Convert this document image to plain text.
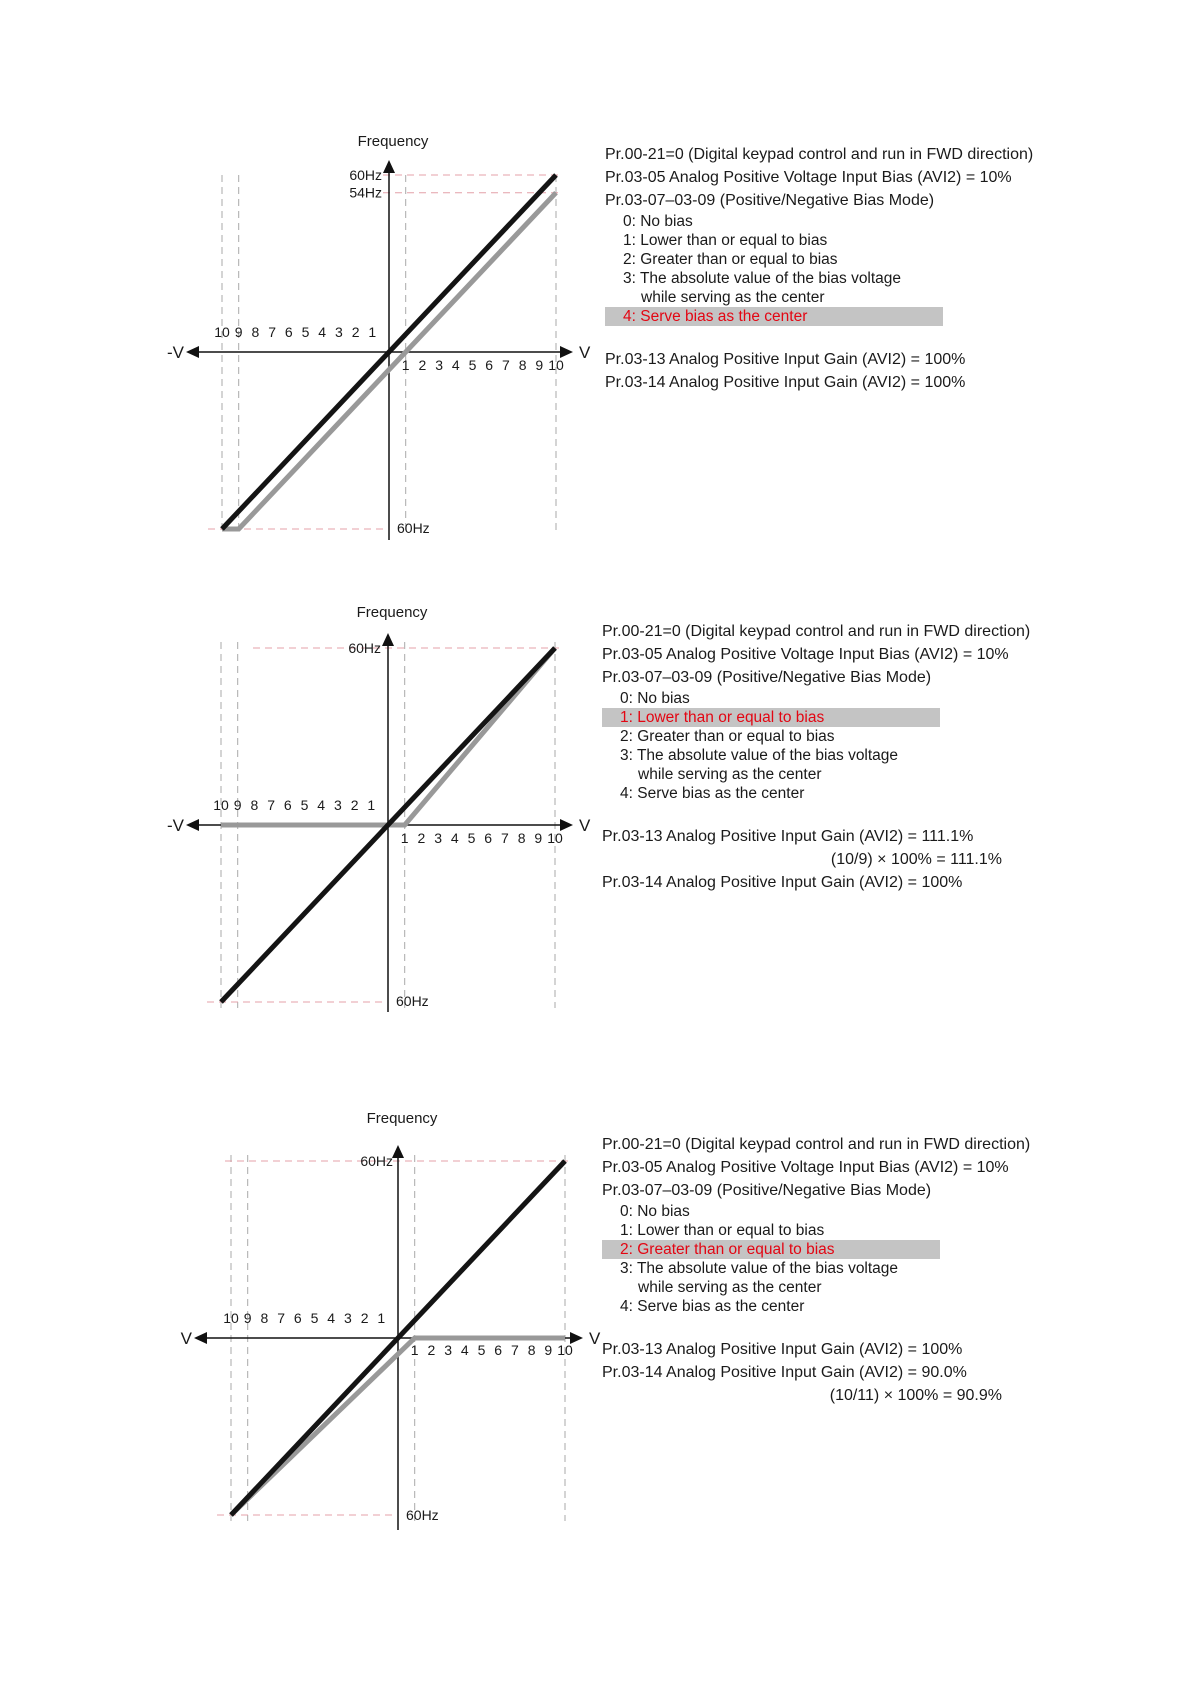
Frequency
V
-V
1 2 3 4 5 6 7 8 9 10
10 9 8 7 6 5 4 3 2 1
60Hz
54Hz
60Hz
Pr.00-21=0 (Digital keypad control and run in FWD direction)
Pr.03-05 Analog Positive Voltage Input Bias (AVI2) = 10%
Pr.03-07–03-09 (Positive/Negative Bias Mode)
0: No bias
1: Lower than or equal to bias
2: Greater than or equal to bias
3: The absolute value of the bias voltage
while serving as the center
4: Serve bias as the center
Pr.03-13 Analog Positive Input Gain (AVI2) = 100%
Pr.03-14 Analog Positive Input Gain (AVI2) = 100%
Frequency
V
-V
1 2 3 4 5 6 7 8 9 10
10 9 8 7 6 5 4 3 2 1
60Hz
60Hz
Pr.00-21=0 (Digital keypad control and run in FWD direction)
Pr.03-05 Analog Positive Voltage Input Bias (AVI2) = 10%
Pr.03-07–03-09 (Positive/Negative Bias Mode)
0: No bias
1: Lower than or equal to bias
2: Greater than or equal to bias
3: The absolute value of the bias voltage
while serving as the center
4: Serve bias as the center
Pr.03-13 Analog Positive Input Gain (AVI2) = 111.1%
(10/9) × 100% = 111.1%
Pr.03-14 Analog Positive Input Gain (AVI2) = 100%
Frequency
V
V
1 2 3 4 5 6 7 8 9 10
10 9 8 7 6 5 4 3 2 1
60Hz
60Hz
Pr.00-21=0 (Digital keypad control and run in FWD direction)
Pr.03-05 Analog Positive Voltage Input Bias (AVI2) = 10%
Pr.03-07–03-09 (Positive/Negative Bias Mode)
0: No bias
1: Lower than or equal to bias
2: Greater than or equal to bias
3: The absolute value of the bias voltage
while serving as the center
4: Serve bias as the center
Pr.03-13 Analog Positive Input Gain (AVI2) = 100%
Pr.03-14 Analog Positive Input Gain (AVI2) = 90.0%
(10/11) × 100% = 90.9%
